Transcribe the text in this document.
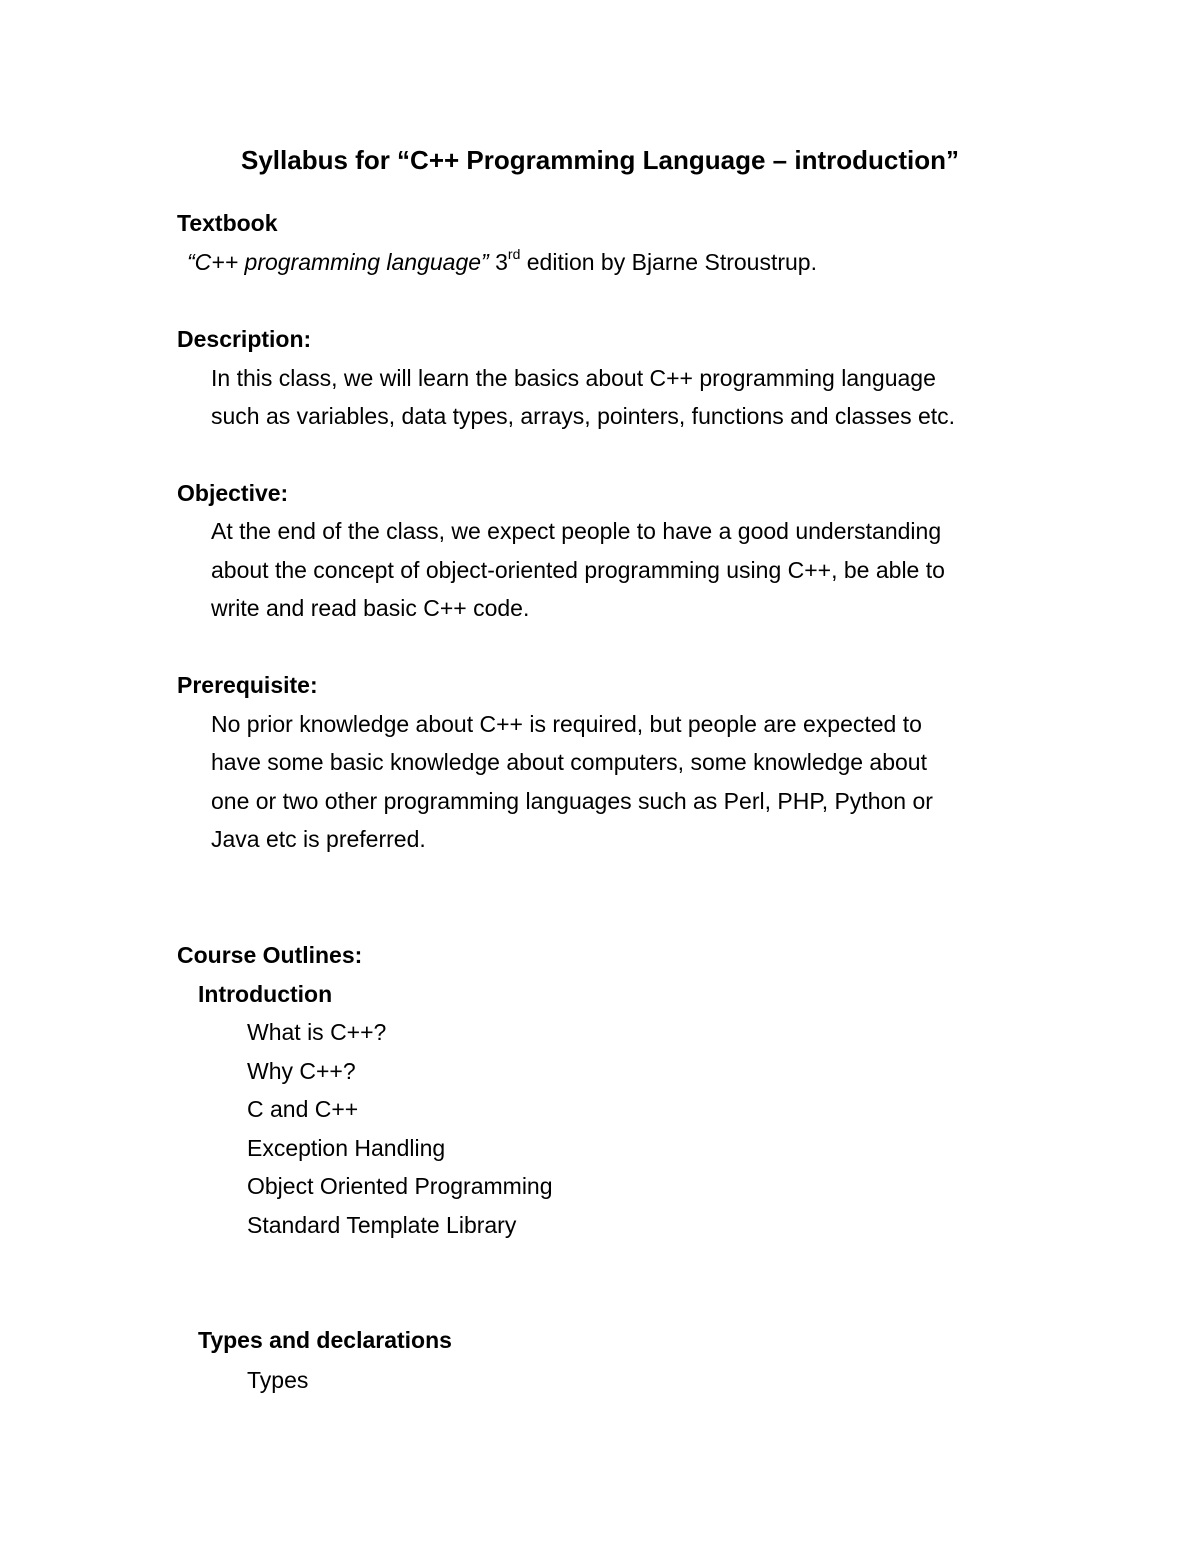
Syllabus for “C++ Programming Language – introduction”
Textbook
“C++ programming language” 3rd edition by Bjarne Stroustrup.
Description:
In this class, we will learn the basics about C++ programming language
such as variables, data types, arrays, pointers, functions and classes etc.
Objective:
At the end of the class, we expect people to have a good understanding
about the concept of object-oriented programming using C++, be able to
write and read basic C++ code.
Prerequisite:
No prior knowledge about C++ is required, but people are expected to
have some basic knowledge about computers, some knowledge about
one or two other programming languages such as Perl, PHP, Python or
Java etc is preferred.
Course Outlines:
Introduction
What is C++?
Why C++?
C and C++
Exception Handling
Object Oriented Programming
Standard Template Library
Types and declarations
Types
